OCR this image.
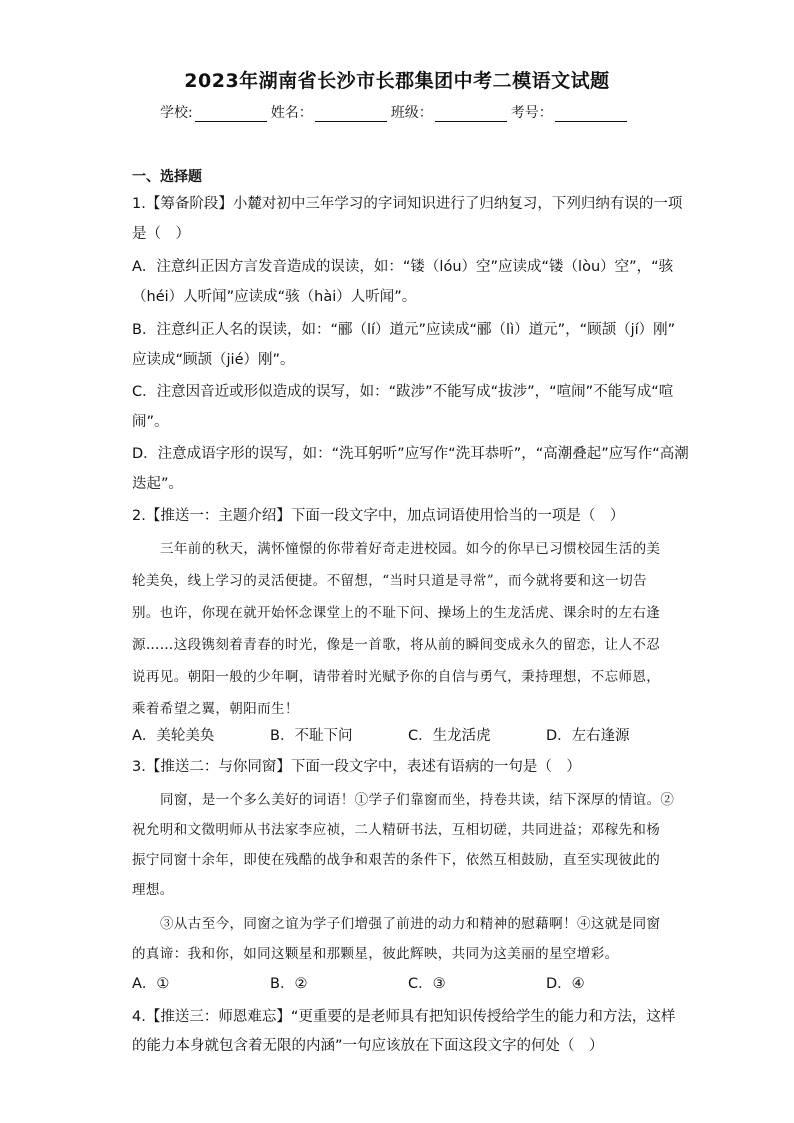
2023年湖南省长沙市长郡集团中考二模语文试题
学校:	姓名：	班级：	考号：
一、选择题
1.【筹备阶段】小麓对初中三年学习的字词知识进行了归纳复习，下列归纳有误的一项
是（　）
A．注意纠正因方言发音造成的误读，如：“镂（lóu）空”应读成“镂（lòu）空”，“骇
（héi）人听闻”应读成“骇（hài）人听闻”。
B．注意纠正人名的误读，如：“郦（lí）道元”应读成“郦（lì）道元”，“顾颉（jí）刚”
应读成“顾颉（jié）刚”。
C．注意因音近或形似造成的误写，如：“跋涉”不能写成“拔涉”，“喧闹”不能写成“喧
闹”。
D．注意成语字形的误写，如：“洗耳躬听”应写作“洗耳恭听”，“高潮叠起”应写作“高潮
迭起”。
2.【推送一：主题介绍】下面一段文字中，加点词语使用恰当的一项是（　）
三年前的秋天，满怀憧憬的你带着好奇走进校园。如今的你早已习惯校园生活的美
轮美奂，线上学习的灵活便捷。不留想，“当时只道是寻常”，而今就将要和这一切告
别。也许，你现在就开始怀念课堂上的不耻下问、操场上的生龙活虎、课余时的左右逢
源……这段镌刻着青春的时光，像是一首歌，将从前的瞬间变成永久的留恋，让人不忍
说再见。朝阳一般的少年啊，请带着时光赋予你的自信与勇气，秉持理想，不忘师恩，
乘着希望之翼，朝阳而生！
A．美轮美奂	B．不耻下问	C．生龙活虎	D．左右逢源
3.【推送二：与你同窗】下面一段文字中，表述有语病的一句是（　）
同窗，是一个多么美好的词语！①学子们靠窗而坐，持卷共读，结下深厚的情谊。②
祝允明和文徵明师从书法家李应祯，二人精研书法，互相切磋，共同进益；邓稼先和杨
振宁同窗十余年，即使在残酷的战争和艰苦的条件下，依然互相鼓励，直至实现彼此的
理想。
③从古至今，同窗之谊为学子们增强了前进的动力和精神的慰藉啊！④这就是同窗
的真谛：我和你，如同这颗星和那颗星，彼此辉映，共同为这美丽的星空增彩。
A．①	B．②	C．③	D．④
4.【推送三：师恩难忘】“更重要的是老师具有把知识传授给学生的能力和方法，这样
的能力本身就包含着无限的内涵”一句应该放在下面这段文字的何处（　）
